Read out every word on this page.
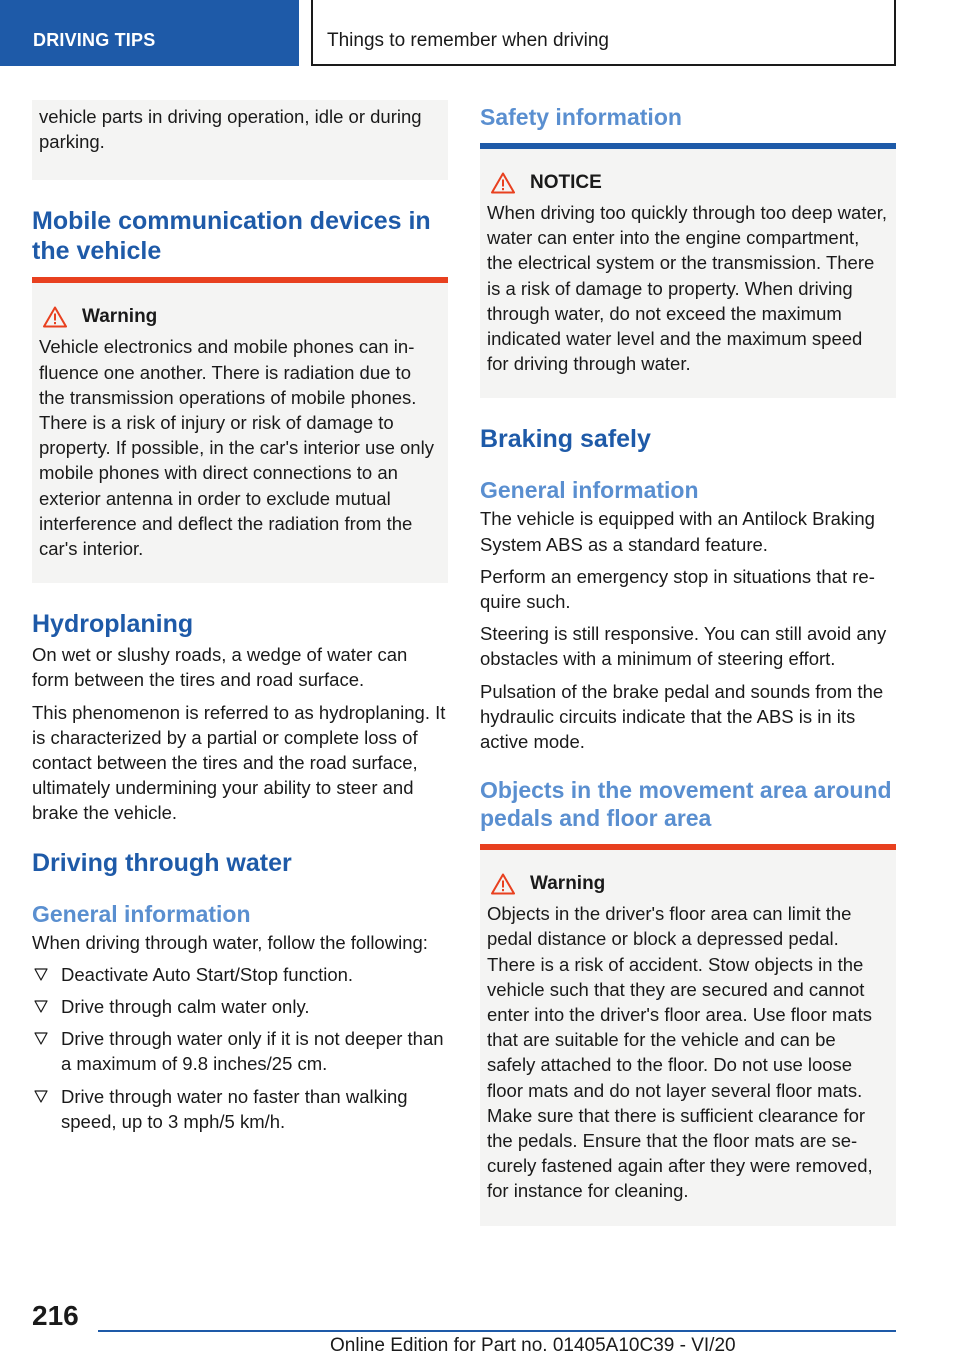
DRIVING TIPS	Things to remember when driving

vehicle parts in driving operation, idle or during parking.

Mobile communication devices in the vehicle
Warning

Vehicle electronics and mobile phones can influence one another. There is radiation due to the transmission operations of mobile phones. There is a risk of injury or risk of damage to property. If possible, in the car's interior use only mobile phones with direct connections to an exterior antenna in order to exclude mutual interference and deflect the radiation from the car's interior.

Hydroplaning

On wet or slushy roads, a wedge of water can form between the tires and road surface.

This phenomenon is referred to as hydroplaning. It is characterized by a partial or complete loss of contact between the tires and the road surface, ultimately undermining your ability to steer and brake the vehicle.

Driving through water
General information

When driving through water, follow the following:

Deactivate Auto Start/Stop function.
Drive through calm water only.
Drive through water only if it is not deeper than a maximum of 9.8 inches/25 cm.
Drive through water no faster than walking speed, up to 3 mph/5 km/h.
Safety information
NOTICE

When driving too quickly through too deep water, water can enter into the engine compartment, the electrical system or the transmission. There is a risk of damage to property. When driving through water, do not exceed the maximum indicated water level and the maximum speed for driving through water.

Braking safely
General information

The vehicle is equipped with an Antilock Braking System ABS as a standard feature.

Perform an emergency stop in situations that require such.

Steering is still responsive. You can still avoid any obstacles with a minimum of steering effort.

Pulsation of the brake pedal and sounds from the hydraulic circuits indicate that the ABS is in its active mode.

Objects in the movement area around pedals and floor area
Warning

Objects in the driver's floor area can limit the pedal distance or block a depressed pedal. There is a risk of accident. Stow objects in the vehicle such that they are secured and cannot enter into the driver's floor area. Use floor mats that are suitable for the vehicle and can be safely attached to the floor. Do not use loose floor mats and do not layer several floor mats. Make sure that there is sufficient clearance for the pedals. Ensure that the floor mats are securely fastened again after they were removed, for instance for cleaning.

216
Online Edition for Part no. 01405A10C39 - VI/20
